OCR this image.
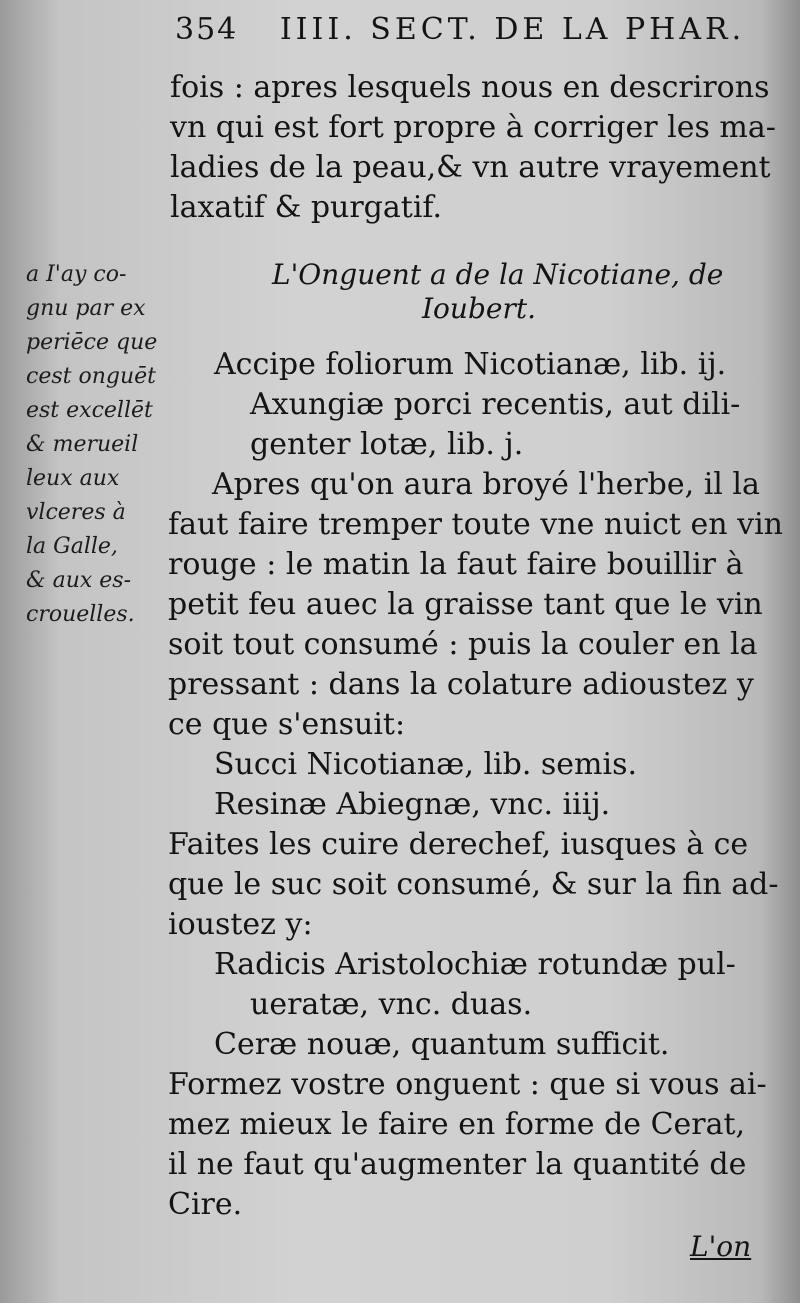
354 IIII. SECT. DE LA PHAR.
fois : apres lesquels nous en descrirons
vn qui est fort propre à corriger les ma-
ladies de la peau,& vn autre vrayement
laxatif & purgatif.
a I'ay co-
gnu par ex
periēce que
cest onguēt
est excellēt
& merueil
leux aux
vlceres à
la Galle,
& aux es-
crouelles.
L'Onguent a de la Nicotiane, de
Ioubert.
Accipe foliorum Nicotianæ, lib. ij.
Axungiæ porci recentis, aut dili-
genter lotæ, lib. j.
Apres qu'on aura broyé l'herbe, il la
faut faire tremper toute vne nuict en vin
rouge : le matin la faut faire bouillir à
petit feu auec la graisse tant que le vin
soit tout consumé : puis la couler en la
pressant : dans la colature adioustez y
ce que s'ensuit:
Succi Nicotianæ, lib. semis.
Resinæ Abiegnæ, vnc. iiij.
Faites les cuire derechef, iusques à ce
que le suc soit consumé, & sur la fin ad-
ioustez y:
Radicis Aristolochiæ rotundæ pul-
ueratæ, vnc. duas.
Ceræ nouæ, quantum sufficit.
Formez vostre onguent : que si vous ai-
mez mieux le faire en forme de Cerat,
il ne faut qu'augmenter la quantité de
Cire.
L'on
